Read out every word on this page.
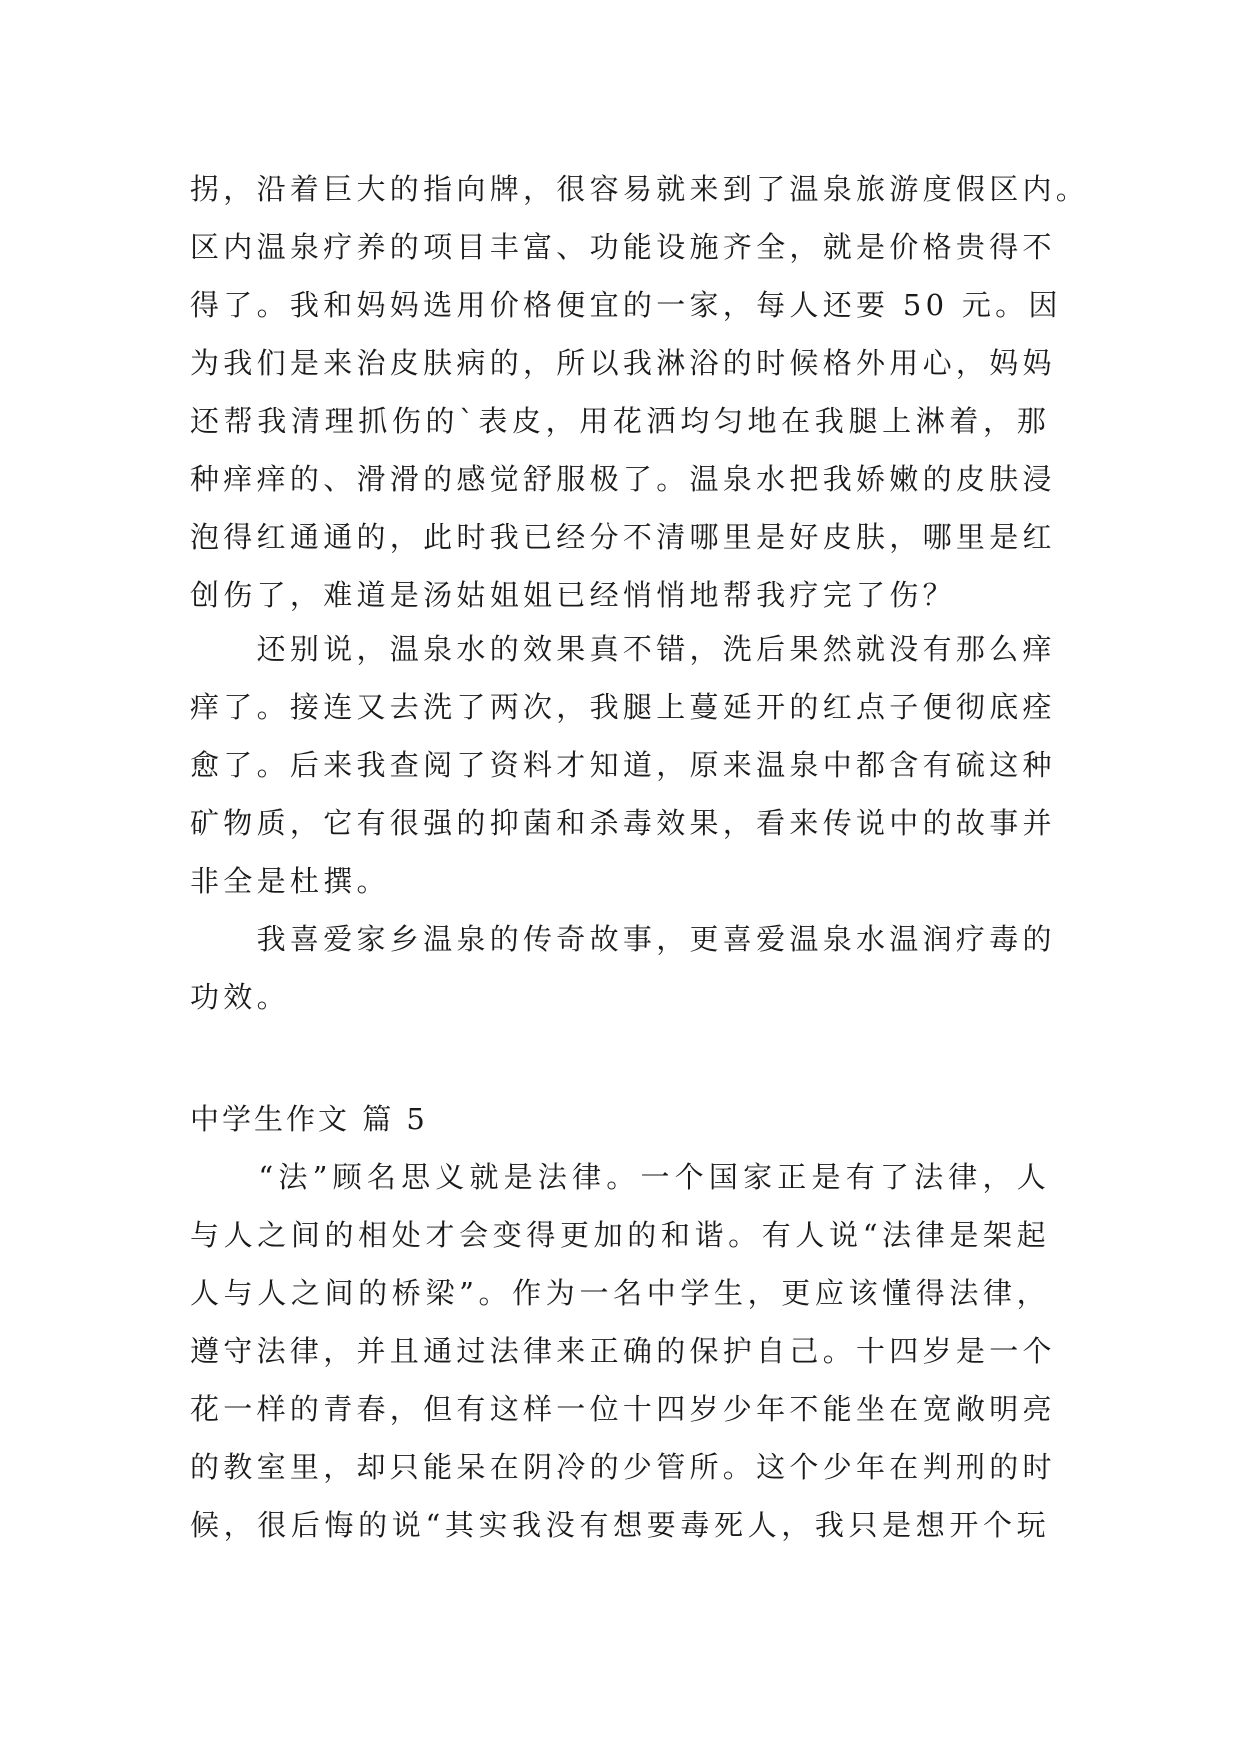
拐，沿着巨大的指向牌，很容易就来到了温泉旅游度假区内。

区内温泉疗养的项目丰富、功能设施齐全，就是价格贵得不

得了。我和妈妈选用价格便宜的一家，每人还要 50 元。因

为我们是来治皮肤病的，所以我淋浴的时候格外用心，妈妈

还帮我清理抓伤的`表皮，用花洒均匀地在我腿上淋着，那

种痒痒的、滑滑的感觉舒服极了。温泉水把我娇嫩的皮肤浸

泡得红通通的，此时我已经分不清哪里是好皮肤，哪里是红

创伤了，难道是汤姑姐姐已经悄悄地帮我疗完了伤？

　　还别说，温泉水的效果真不错，洗后果然就没有那么痒

痒了。接连又去洗了两次，我腿上蔓延开的红点子便彻底痊

愈了。后来我查阅了资料才知道，原来温泉中都含有硫这种

矿物质，它有很强的抑菌和杀毒效果，看来传说中的故事并

非全是杜撰。

　　我喜爱家乡温泉的传奇故事，更喜爱温泉水温润疗毒的

功效。

中学生作文 篇 5

　　“法”顾名思义就是法律。一个国家正是有了法律，人

与人之间的相处才会变得更加的和谐。有人说“法律是架起

人与人之间的桥梁”。作为一名中学生，更应该懂得法律，

遵守法律，并且通过法律来正确的保护自己。十四岁是一个

花一样的青春，但有这样一位十四岁少年不能坐在宽敞明亮

的教室里，却只能呆在阴冷的少管所。这个少年在判刑的时

候，很后悔的说“其实我没有想要毒死人，我只是想开个玩
